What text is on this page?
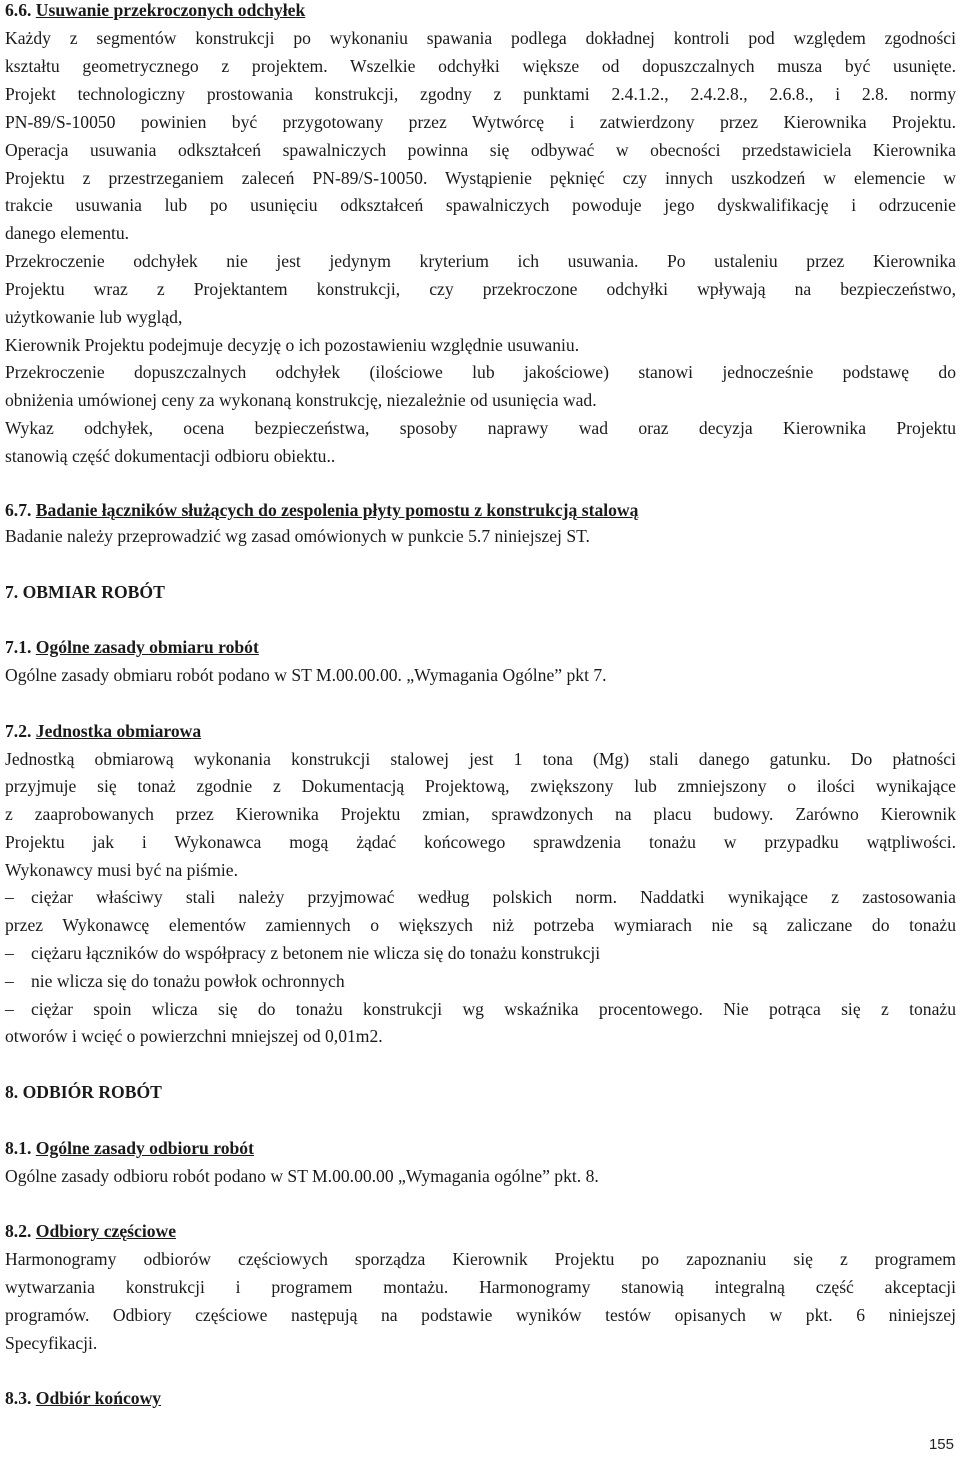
6.6. Usuwanie przekroczonych odchyłek
Każdy z segmentów konstrukcji po wykonaniu spawania podlega dokładnej kontroli pod względem zgodności
kształtu geometrycznego z projektem. Wszelkie odchyłki większe od dopuszczalnych musza być usunięte.
Projekt technologiczny prostowania konstrukcji, zgodny z punktami 2.4.1.2., 2.4.2.8., 2.6.8., i 2.8. normy
PN-89/S-10050 powinien być przygotowany przez Wytwórcę i zatwierdzony przez Kierownika Projektu.
Operacja usuwania odkształceń spawalniczych powinna się odbywać w obecności przedstawiciela Kierownika
Projektu z przestrzeganiem zaleceń PN-89/S-10050. Wystąpienie pęknięć czy innych uszkodzeń w elemencie w
trakcie usuwania lub po usunięciu odkształceń spawalniczych powoduje jego dyskwalifikację i odrzucenie
danego elementu.
Przekroczenie odchyłek nie jest jedynym kryterium ich usuwania. Po ustaleniu przez Kierownika
Projektu wraz z Projektantem konstrukcji, czy przekroczone odchyłki wpływają na bezpieczeństwo,
użytkowanie lub wygląd,
Kierownik Projektu podejmuje decyzję o ich pozostawieniu względnie usuwaniu.
Przekroczenie dopuszczalnych odchyłek (ilościowe lub jakościowe) stanowi jednocześnie podstawę do
obniżenia umówionej ceny za wykonaną konstrukcję, niezależnie od usunięcia wad.
Wykaz odchyłek, ocena bezpieczeństwa, sposoby naprawy wad oraz decyzja Kierownika Projektu
stanowią część dokumentacji odbioru obiektu..
6.7. Badanie łączników służących do zespolenia płyty pomostu z konstrukcją stalową
Badanie należy przeprowadzić wg zasad omówionych w punkcie 5.7 niniejszej ST.
7. OBMIAR ROBÓT
7.1. Ogólne zasady obmiaru robót
Ogólne zasady obmiaru robót podano w ST M.00.00.00. „Wymagania Ogólne” pkt 7.
7.2. Jednostka obmiarowa
Jednostką obmiarową wykonania konstrukcji stalowej jest 1 tona (Mg) stali danego gatunku. Do płatności
przyjmuje się tonaż zgodnie z Dokumentacją Projektową, zwiększony lub zmniejszony o ilości wynikające
z zaaprobowanych przez Kierownika Projektu zmian, sprawdzonych na placu budowy. Zarówno Kierownik
Projektu jak i Wykonawca mogą żądać końcowego sprawdzenia tonażu w przypadku wątpliwości.
Wykonawcy musi być na piśmie.
– ciężar właściwy stali należy przyjmować według polskich norm. Naddatki wynikające z zastosowania
przez Wykonawcę elementów zamiennych o większych niż potrzeba wymiarach nie są zaliczane do tonażu
– ciężaru łączników do współpracy z betonem nie wlicza się do tonażu konstrukcji
– nie wlicza się do tonażu powłok ochronnych
– ciężar spoin wlicza się do tonażu konstrukcji wg wskaźnika procentowego. Nie potrąca się z tonażu
otworów i wcięć o powierzchni mniejszej od 0,01m2.
8. ODBIÓR ROBÓT
8.1. Ogólne zasady odbioru robót
Ogólne zasady odbioru robót podano w ST M.00.00.00 „Wymagania ogólne” pkt. 8.
8.2. Odbiory częściowe
Harmonogramy odbiorów częściowych sporządza Kierownik Projektu po zapoznaniu się z programem
wytwarzania konstrukcji i programem montażu. Harmonogramy stanowią integralną część akceptacji
programów. Odbiory częściowe następują na podstawie wyników testów opisanych w pkt. 6 niniejszej
Specyfikacji.
8.3. Odbiór końcowy
155
